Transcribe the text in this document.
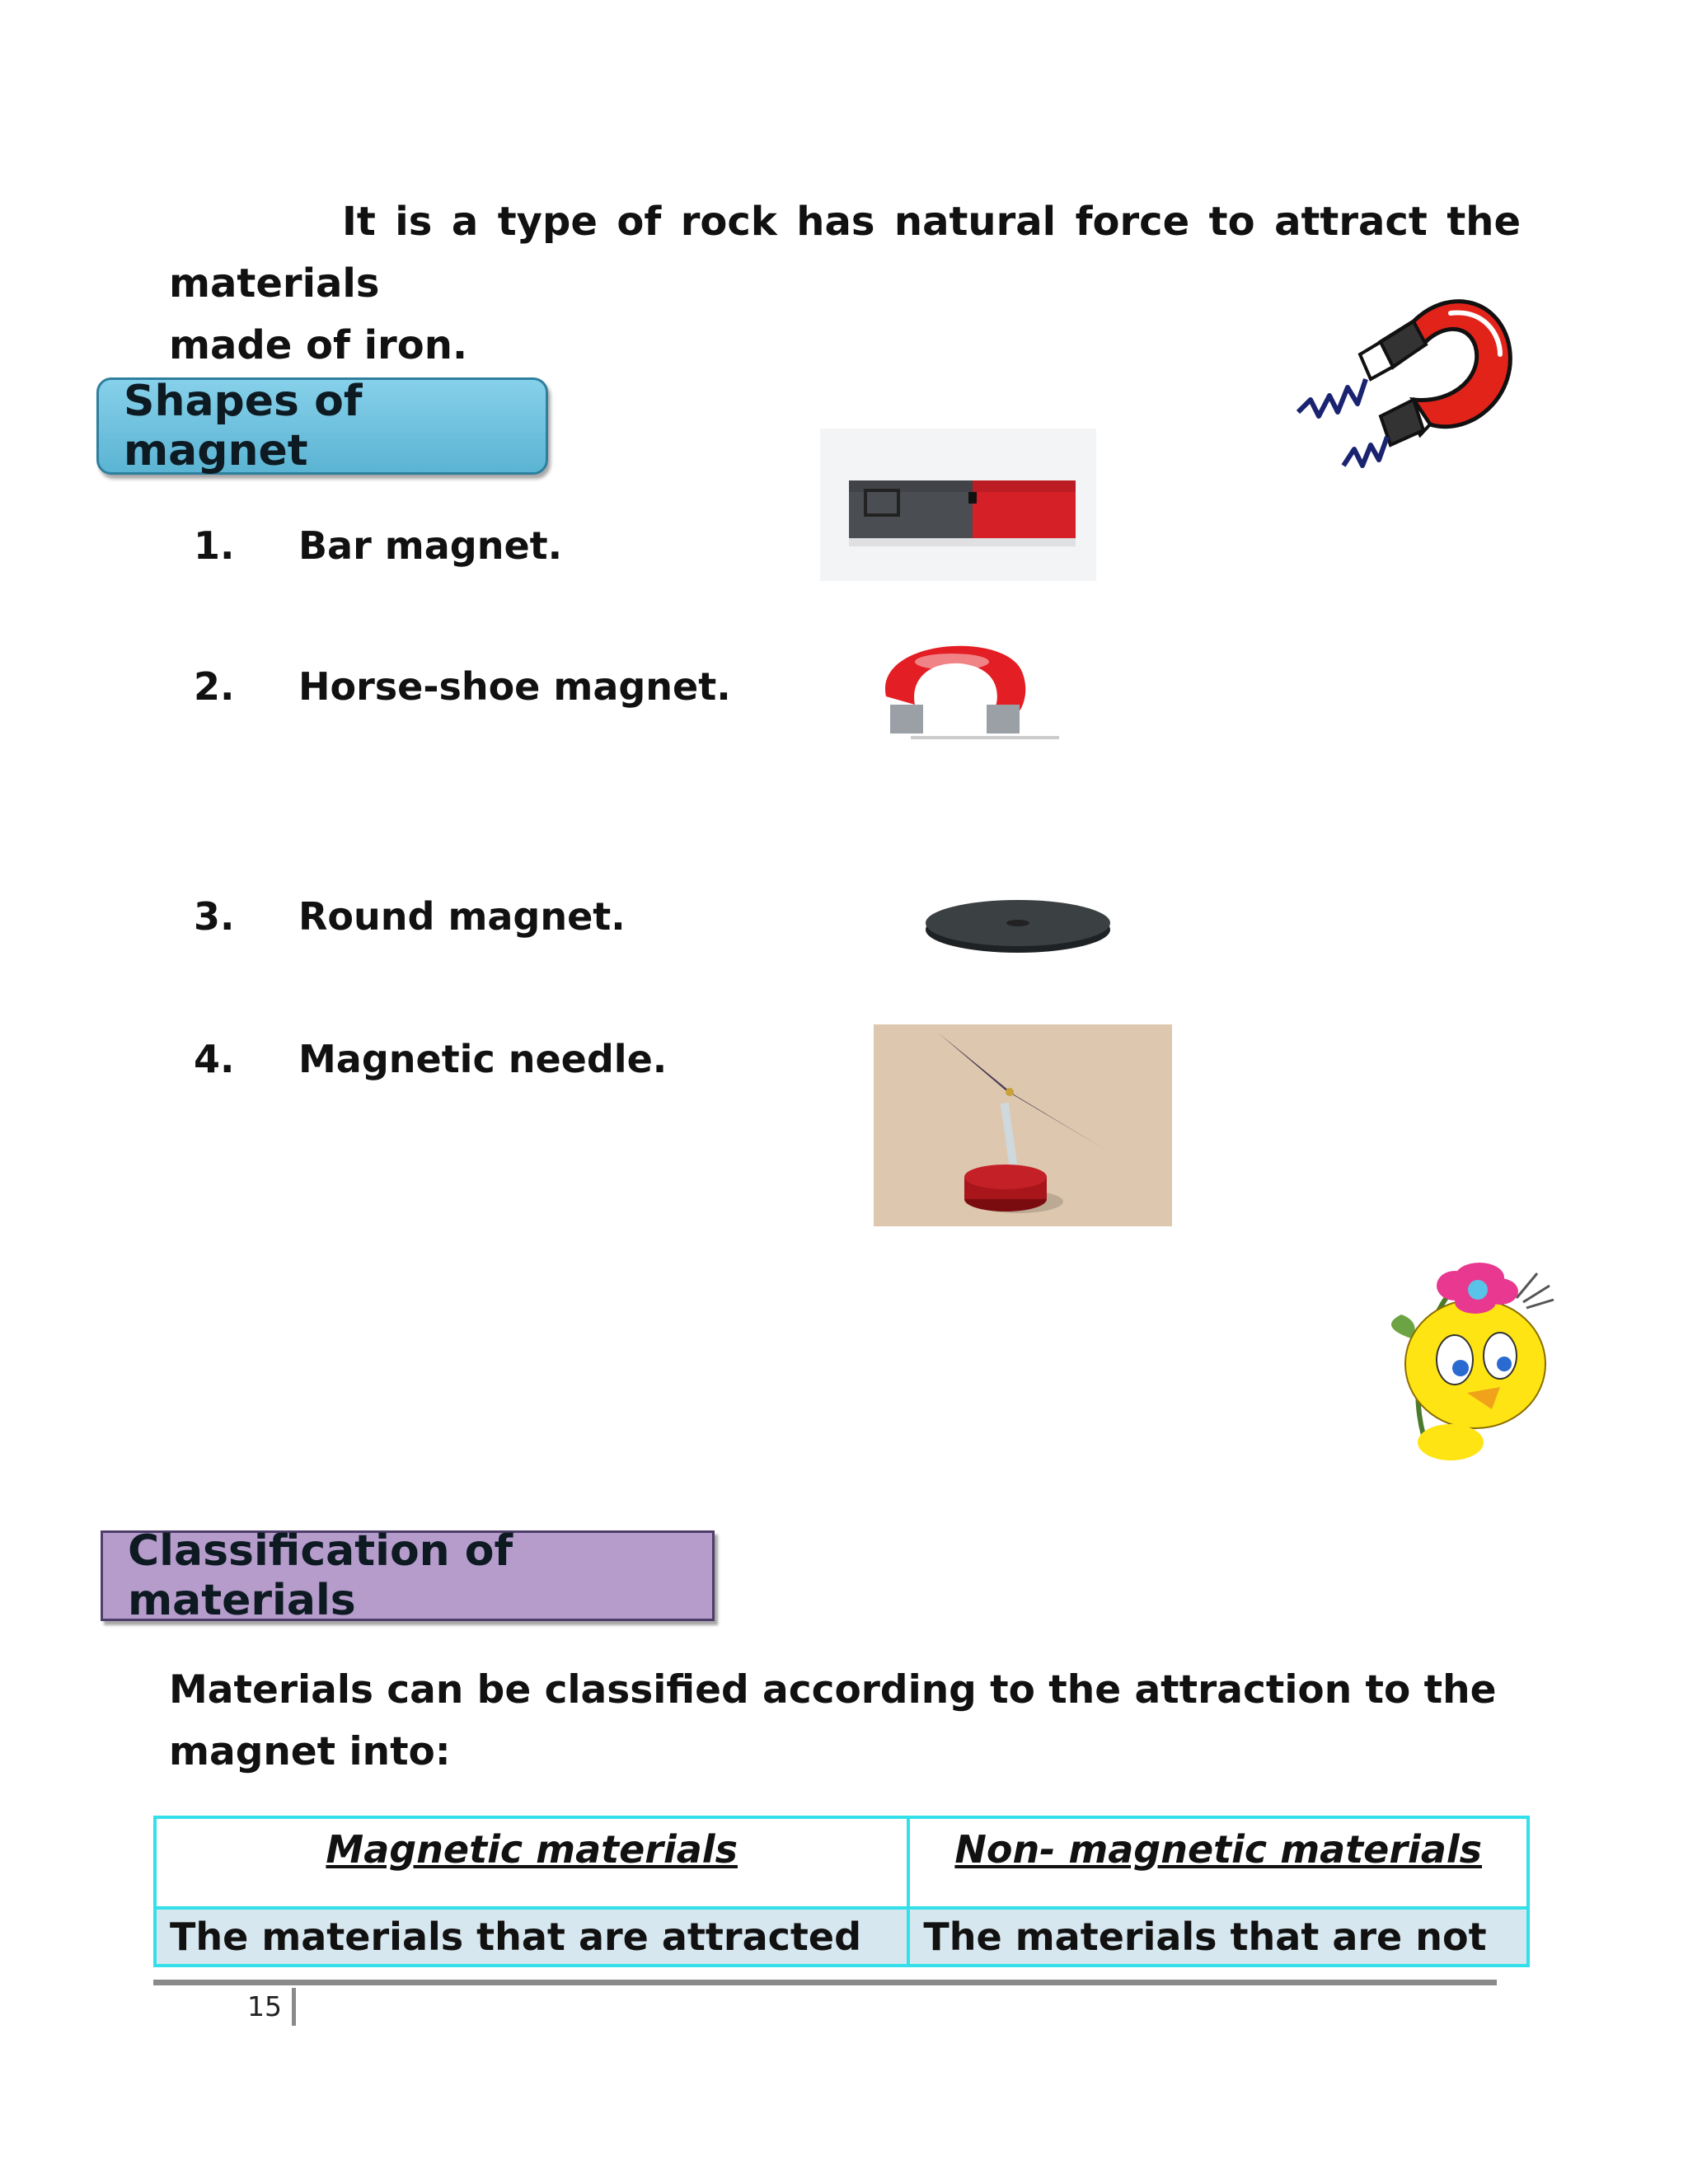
It is a type of rock has natural force to attract the materials

made of iron.

Shapes of magnet
1.	Bar magnet.
2.	Horse-shoe magnet.
3.	Round magnet.
4.	Magnetic needle.
Classification of materials
Materials can be classified according to the attraction to the magnet into:
Magnetic materials	Non- magnetic materials
The materials that are attracted	The materials that are not
15
